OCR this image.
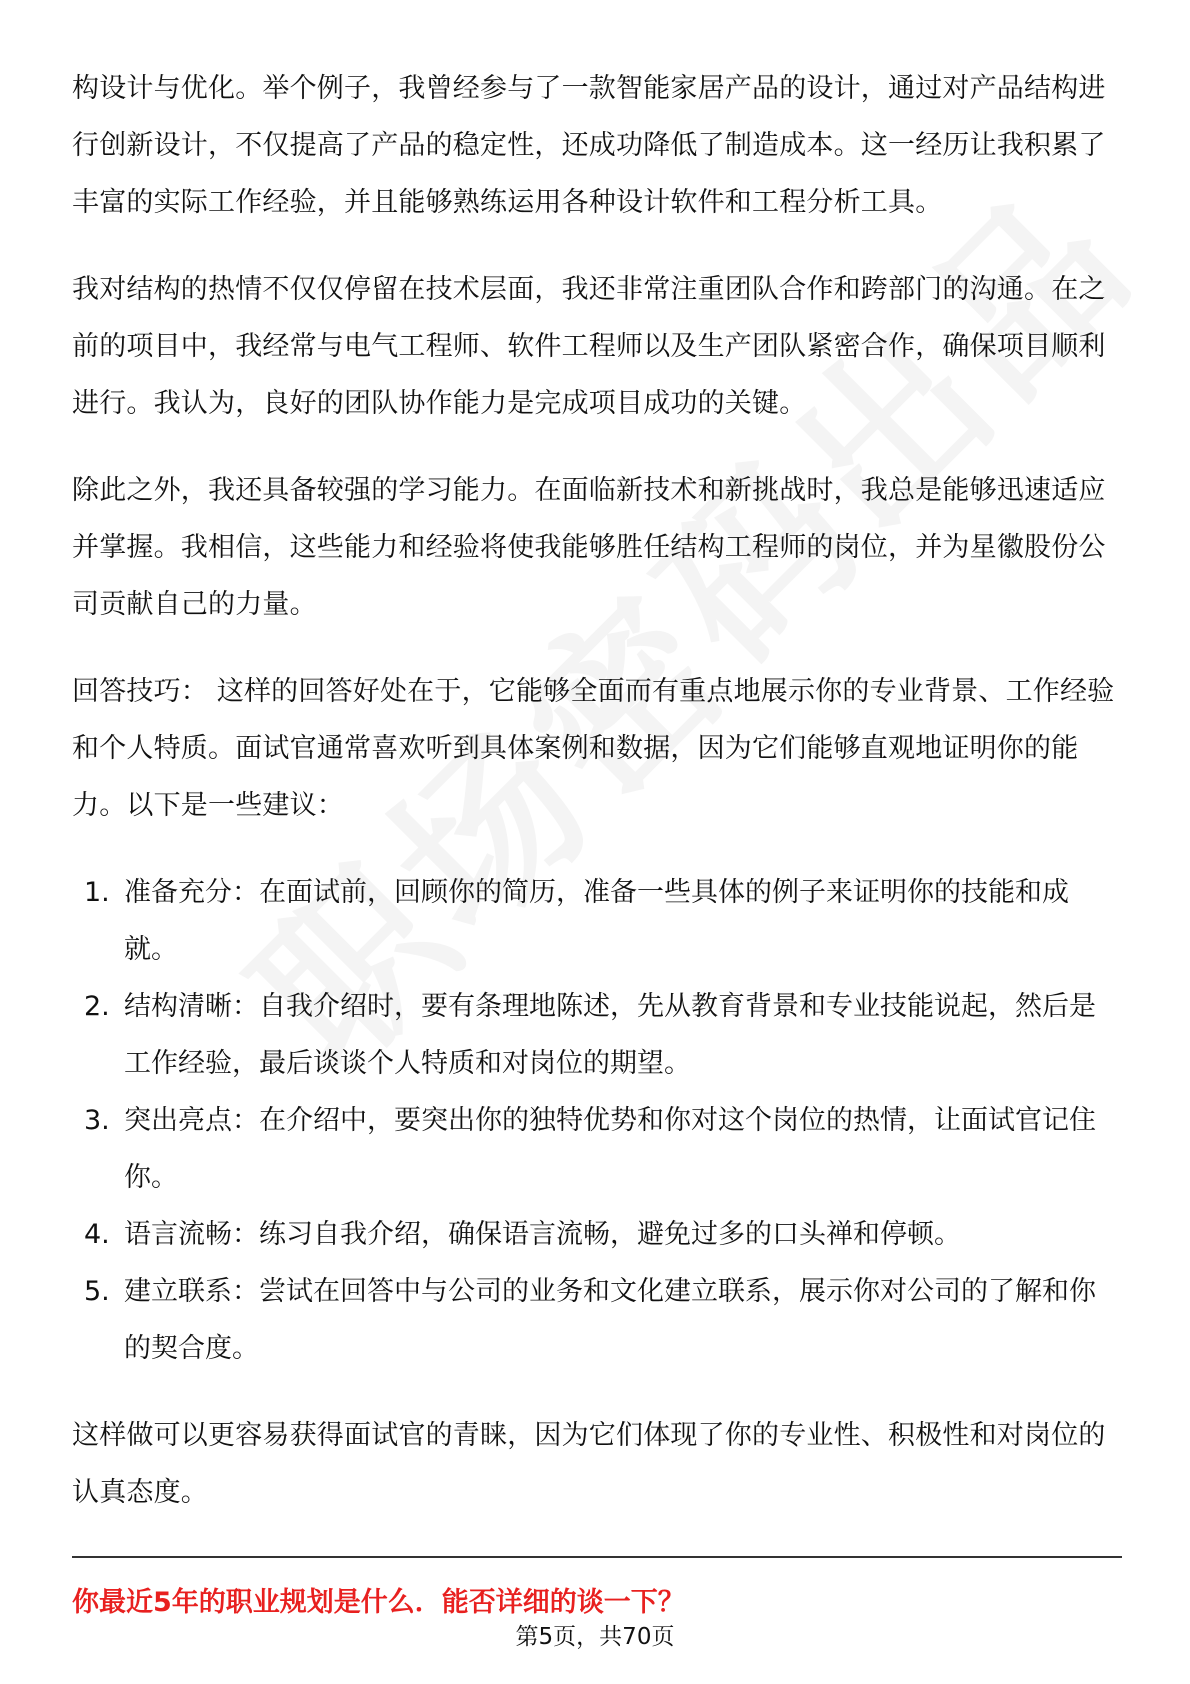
构设计与优化。举个例子，我曾经参与了一款智能家居产品的设计，通过对产品结构进行创新设计，不仅提高了产品的稳定性，还成功降低了制造成本。这一经历让我积累了丰富的实际工作经验，并且能够熟练运用各种设计软件和工程分析工具。

我对结构的热情不仅仅停留在技术层面，我还非常注重团队合作和跨部门的沟通。在之前的项目中，我经常与电气工程师、软件工程师以及生产团队紧密合作，确保项目顺利进行。我认为，良好的团队协作能力是完成项目成功的关键。

除此之外，我还具备较强的学习能力。在面临新技术和新挑战时，我总是能够迅速适应并掌握。我相信，这些能力和经验将使我能够胜任结构工程师的岗位，并为星徽股份公司贡献自己的力量。

回答技巧： 这样的回答好处在于，它能够全面而有重点地展示你的专业背景、工作经验和个人特质。面试官通常喜欢听到具体案例和数据，因为它们能够直观地证明你的能力。以下是一些建议：

1. 准备充分：在面试前，回顾你的简历，准备一些具体的例子来证明你的技能和成就。
2. 结构清晰：自我介绍时，要有条理地陈述，先从教育背景和专业技能说起，然后是工作经验，最后谈谈个人特质和对岗位的期望。
3. 突出亮点：在介绍中，要突出你的独特优势和你对这个岗位的热情，让面试官记住你。
4. 语言流畅：练习自我介绍，确保语言流畅，避免过多的口头禅和停顿。
5. 建立联系：尝试在回答中与公司的业务和文化建立联系，展示你对公司的了解和你的契合度。

这样做可以更容易获得面试官的青睐，因为它们体现了你的专业性、积极性和对岗位的认真态度。

你最近5年的职业规划是什么．能否详细的谈一下？
第5页，共70页
